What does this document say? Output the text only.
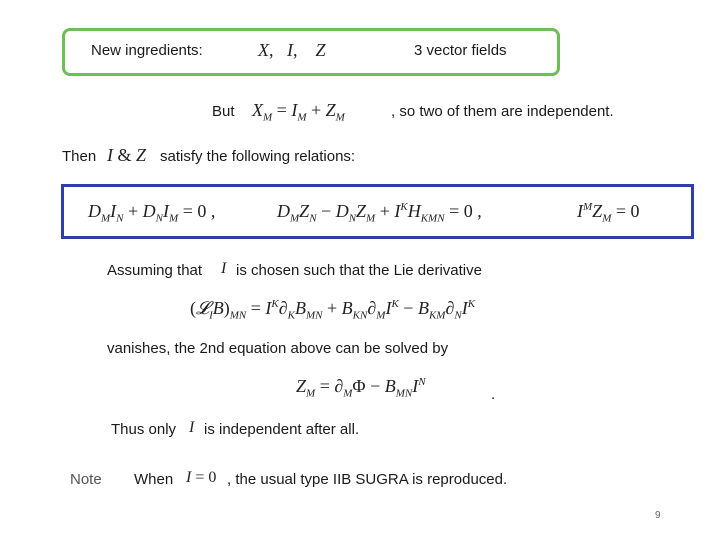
New ingredients:	X,   I,    Z	3 vector fields
But $X_M = I_M + Z_M$	, so two of them are independent.
Then I & Z satisfy the following relations:
$D_MI_N + D_NI_M = 0$ ,	$D_MZ_N - D_NZ_M + I^KH_{KMN} = 0$ ,	$I^MZ_M = 0$
Assuming that I is chosen such that the Lie derivative
$(𝓛_IB)_{MN} = I^K\partial_KB_{MN} + B_{KN}\partial_MI^K - B_{KM}\partial_NI^K$
vanishes, the 2nd equation above can be solved by
$Z_M = \partial_M\Phi - B_{MN}I^N$
.
Thus only I is independent after all.
Note When I = 0 , the usual type IIB SUGRA is reproduced.
9
